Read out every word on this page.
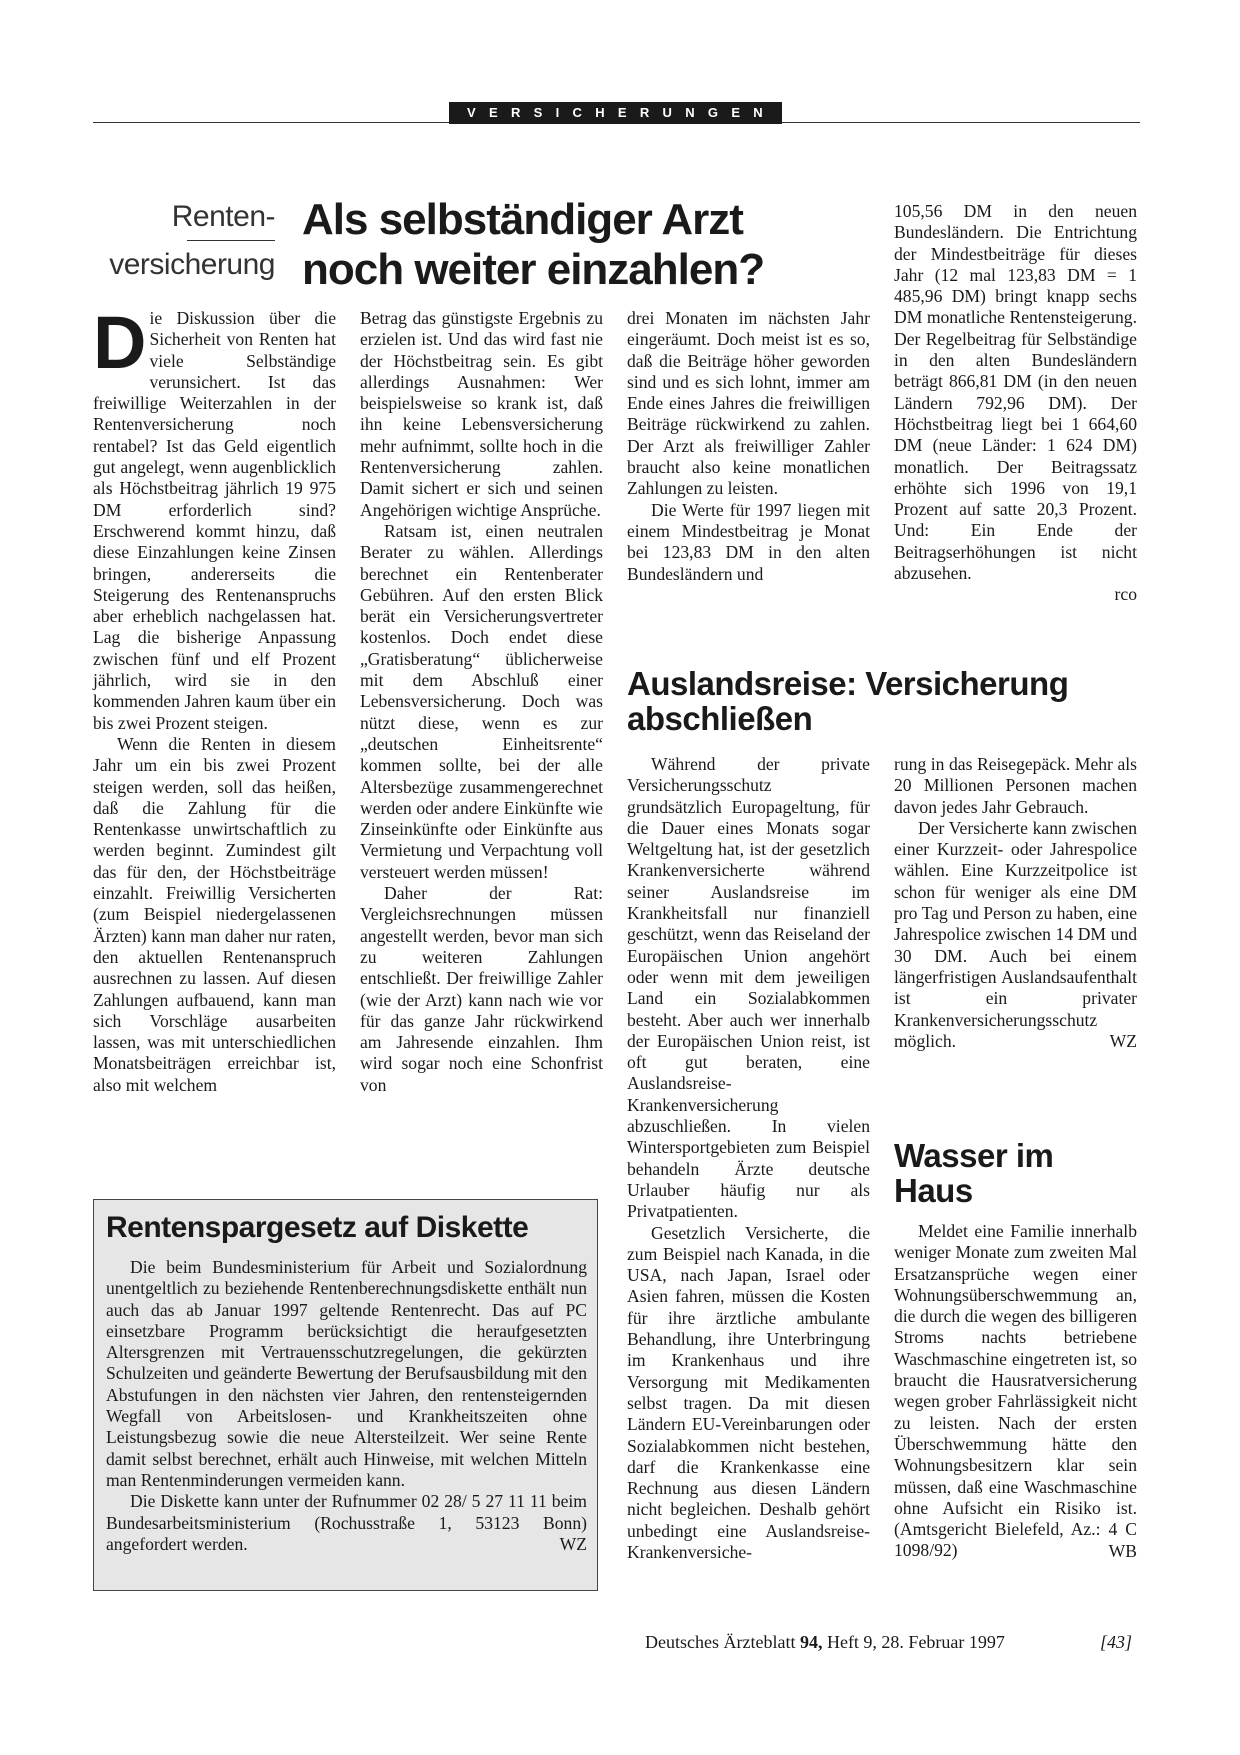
VERSICHERUNGEN
Renten-
versicherung
Als selbständiger Arzt
noch weiter einzahlen?

Die Diskussion über die Sicherheit von Renten hat viele Selbständige verunsichert. Ist das freiwillige Weiterzahlen in der Rentenversicherung noch rentabel? Ist das Geld eigentlich gut angelegt, wenn augenblicklich als Höchstbeitrag jährlich 19 975 DM erforderlich sind? Erschwerend kommt hinzu, daß diese Einzahlungen keine Zinsen bringen, andererseits die Steigerung des Rentenanspruchs aber erheblich nachgelassen hat. Lag die bisherige Anpassung zwischen fünf und elf Prozent jährlich, wird sie in den kommenden Jahren kaum über ein bis zwei Prozent steigen.

Wenn die Renten in diesem Jahr um ein bis zwei Prozent steigen werden, soll das heißen, daß die Zahlung für die Rentenkasse unwirtschaftlich zu werden beginnt. Zumindest gilt das für den, der Höchstbeiträge einzahlt. Freiwillig Versicherten (zum Beispiel niedergelassenen Ärzten) kann man daher nur raten, den aktuellen Rentenanspruch ausrechnen zu lassen. Auf diesen Zahlungen aufbauend, kann man sich Vorschläge ausarbeiten lassen, was mit unterschiedlichen Monatsbeiträgen erreichbar ist, also mit welchem

Betrag das günstigste Ergebnis zu erzielen ist. Und das wird fast nie der Höchstbeitrag sein. Es gibt allerdings Ausnahmen: Wer beispielsweise so krank ist, daß ihn keine Lebensversicherung mehr aufnimmt, sollte hoch in die Rentenversicherung zahlen. Damit sichert er sich und seinen Angehörigen wichtige Ansprüche.

Ratsam ist, einen neutralen Berater zu wählen. Allerdings berechnet ein Rentenberater Gebühren. Auf den ersten Blick berät ein Versicherungsvertreter kostenlos. Doch endet diese „Gratisberatung“ üblicherweise mit dem Abschluß einer Lebensversicherung. Doch was nützt diese, wenn es zur „deutschen Einheitsrente“ kommen sollte, bei der alle Altersbezüge zusammengerechnet werden oder andere Einkünfte wie Zinseinkünfte oder Einkünfte aus Vermietung und Verpachtung voll versteuert werden müssen!

Daher der Rat: Vergleichsrechnungen müssen angestellt werden, bevor man sich zu weiteren Zahlungen entschließt. Der freiwillige Zahler (wie der Arzt) kann nach wie vor für das ganze Jahr rückwirkend am Jahresende einzahlen. Ihm wird sogar noch eine Schonfrist von

drei Monaten im nächsten Jahr eingeräumt. Doch meist ist es so, daß die Beiträge höher geworden sind und es sich lohnt, immer am Ende eines Jahres die freiwilligen Beiträge rückwirkend zu zahlen. Der Arzt als freiwilliger Zahler braucht also keine monatlichen Zahlungen zu leisten.

Die Werte für 1997 liegen mit einem Mindestbeitrag je Monat bei 123,83 DM in den alten Bundesländern und

105,56 DM in den neuen Bundesländern. Die Entrichtung der Mindestbeiträge für dieses Jahr (12 mal 123,83 DM = 1 485,96 DM) bringt knapp sechs DM monatliche Rentensteigerung. Der Regelbeitrag für Selbständige in den alten Bundesländern beträgt 866,81 DM (in den neuen Ländern 792,96 DM). Der Höchstbeitrag liegt bei 1 664,60 DM (neue Länder: 1 624 DM) monatlich. Der Beitragssatz erhöhte sich 1996 von 19,1 Prozent auf satte 20,3 Prozent. Und: Ein Ende der Beitragserhöhungen ist nicht abzusehen.

rco

Rentenspargesetz auf Diskette

Die beim Bundesministerium für Arbeit und Sozialordnung unentgeltlich zu beziehende Rentenberechnungsdiskette enthält nun auch das ab Januar 1997 geltende Rentenrecht. Das auf PC einsetzbare Programm berücksichtigt die heraufgesetzten Altersgrenzen mit Vertrauensschutzregelungen, die gekürzten Schulzeiten und geänderte Bewertung der Berufsausbildung mit den Abstufungen in den nächsten vier Jahren, den rentensteigernden Wegfall von Arbeitslosen- und Krankheitszeiten ohne Leistungsbezug sowie die neue Altersteilzeit. Wer seine Rente damit selbst berechnet, erhält auch Hinweise, mit welchen Mitteln man Rentenminderungen vermeiden kann.

Die Diskette kann unter der Rufnummer 02 28/ 5 27 11 11 beim Bundesarbeitsministerium (Rochusstraße 1, 53123 Bonn) angefordert werden.	WZ

Auslandsreise: Versicherung
abschließen

Während der private Versicherungsschutz grundsätzlich Europageltung, für die Dauer eines Monats sogar Weltgeltung hat, ist der gesetzlich Krankenversicherte während seiner Auslandsreise im Krankheitsfall nur finanziell geschützt, wenn das Reiseland der Europäischen Union angehört oder wenn mit dem jeweiligen Land ein Sozialabkommen besteht. Aber auch wer innerhalb der Europäischen Union reist, ist oft gut beraten, eine Auslandsreise-Krankenversicherung abzuschließen. In vielen Wintersportgebieten zum Beispiel behandeln Ärzte deutsche Urlauber häufig nur als Privatpatienten.

Gesetzlich Versicherte, die zum Beispiel nach Kanada, in die USA, nach Japan, Israel oder Asien fahren, müssen die Kosten für ihre ärztliche ambulante Behandlung, ihre Unterbringung im Krankenhaus und ihre Versorgung mit Medikamenten selbst tragen. Da mit diesen Ländern EU-Vereinbarungen oder Sozialabkommen nicht bestehen, darf die Krankenkasse eine Rechnung aus diesen Ländern nicht begleichen. Deshalb gehört unbedingt eine Auslandsreise-Krankenversiche-

rung in das Reisegepäck. Mehr als 20 Millionen Personen machen davon jedes Jahr Gebrauch.

Der Versicherte kann zwischen einer Kurzzeit- oder Jahrespolice wählen. Eine Kurzzeitpolice ist schon für weniger als eine DM pro Tag und Person zu haben, eine Jahrespolice zwischen 14 DM und 30 DM. Auch bei einem längerfristigen Auslandsaufenthalt ist ein privater Krankenversicherungsschutz möglich.	WZ

Wasser im
Haus

Meldet eine Familie innerhalb weniger Monate zum zweiten Mal Ersatzansprüche wegen einer Wohnungsüberschwemmung an, die durch die wegen des billigeren Stroms nachts betriebene Waschmaschine eingetreten ist, so braucht die Hausratversicherung wegen grober Fahrlässigkeit nicht zu leisten. Nach der ersten Überschwemmung hätte den Wohnungsbesitzern klar sein müssen, daß eine Waschmaschine ohne Aufsicht ein Risiko ist. (Amtsgericht Bielefeld, Az.: 4 C 1098/92)	WB

Deutsches Ärzteblatt 94, Heft 9, 28. Februar 1997	[43]
